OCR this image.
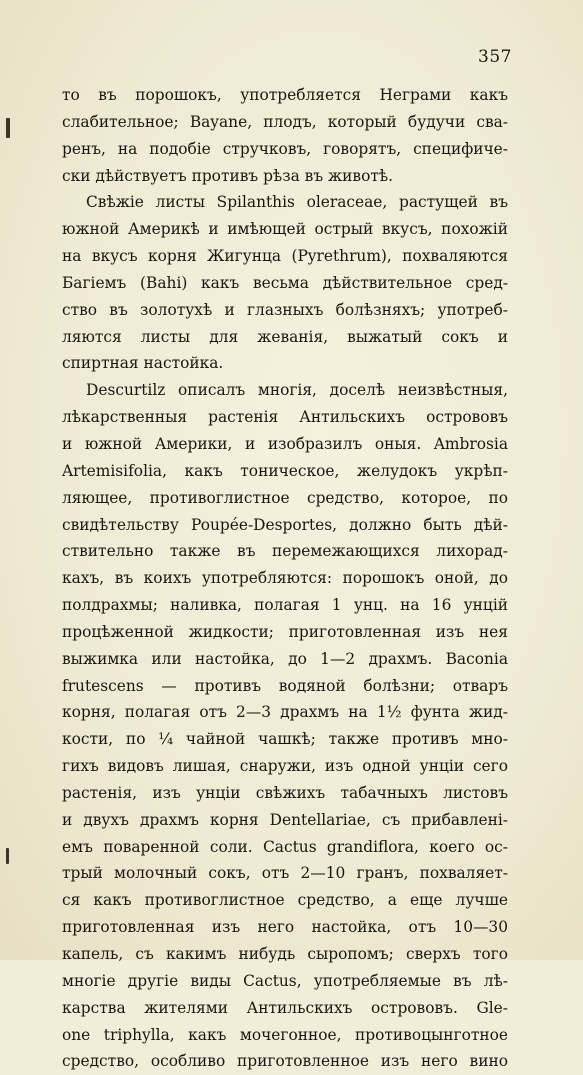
357
то въ порошокъ, употребляется Неграми какъ
слабительное; Bayane, плодъ, который будучи сва-
ренъ, на подобіе стручковъ, говорятъ, специфиче-
ски дѣйствуетъ противъ рѣза въ животѣ.
Свѣжіе листы Spilanthis oleraceae, растущей въ
южной Америкѣ и имѣющей острый вкусъ, похожій
на вкусъ корня Жигунца (Pyrethrum), похваляются
Багіемъ (Bahi) какъ весьма дѣйствительное сред-
ство въ золотухѣ и глазныхъ болѣзняхъ; употреб-
ляются листы для жеванія, выжатый сокъ и
спиртная настойка.
Descurtilz описалъ многія, доселѣ неизвѣстныя,
лѣкарственныя растенія Антильскихъ острововъ
и южной Америки, и изобразилъ оныя. Ambrosia
Artemisifolia, какъ тоническое, желудокъ укрѣп-
ляющее, противоглистное средство, которое, по
свидѣтельству Poupée-Desportes, должно быть дѣй-
ствительно также въ перемежающихся лихорад-
кахъ, въ коихъ употребляются: порошокъ оной, до
полдрахмы; наливка, полагая 1 унц. на 16 унцій
процѣженной жидкости; приготовленная изъ нея
выжимка или настойка, до 1—2 драхмъ. Baconia
frutescens — противъ водяной болѣзни; отваръ
корня, полагая отъ 2—3 драхмъ на 1½ фунта жид-
кости, по ¼ чайной чашкѣ; также противъ мно-
гихъ видовъ лишая, снаружи, изъ одной унціи сего
растенія, изъ унціи свѣжихъ табачныхъ листовъ
и двухъ драхмъ корня Dentellariae, съ прибавлені-
емъ поваренной соли. Cactus grandiflora, коего ос-
трый молочный сокъ, отъ 2—10 гранъ, похваляет-
ся какъ противоглистное средство, а еще лучше
приготовленная изъ него настойка, отъ 10—30
капель, съ какимъ нибудь сыропомъ; сверхъ того
многіе другіе виды Cactus, употребляемые въ лѣ-
карства жителями Антильскихъ острововъ. Gle-
one triphylla, какъ мочегонное, противоцынготное
средство, особливо приготовленное изъ него вино
